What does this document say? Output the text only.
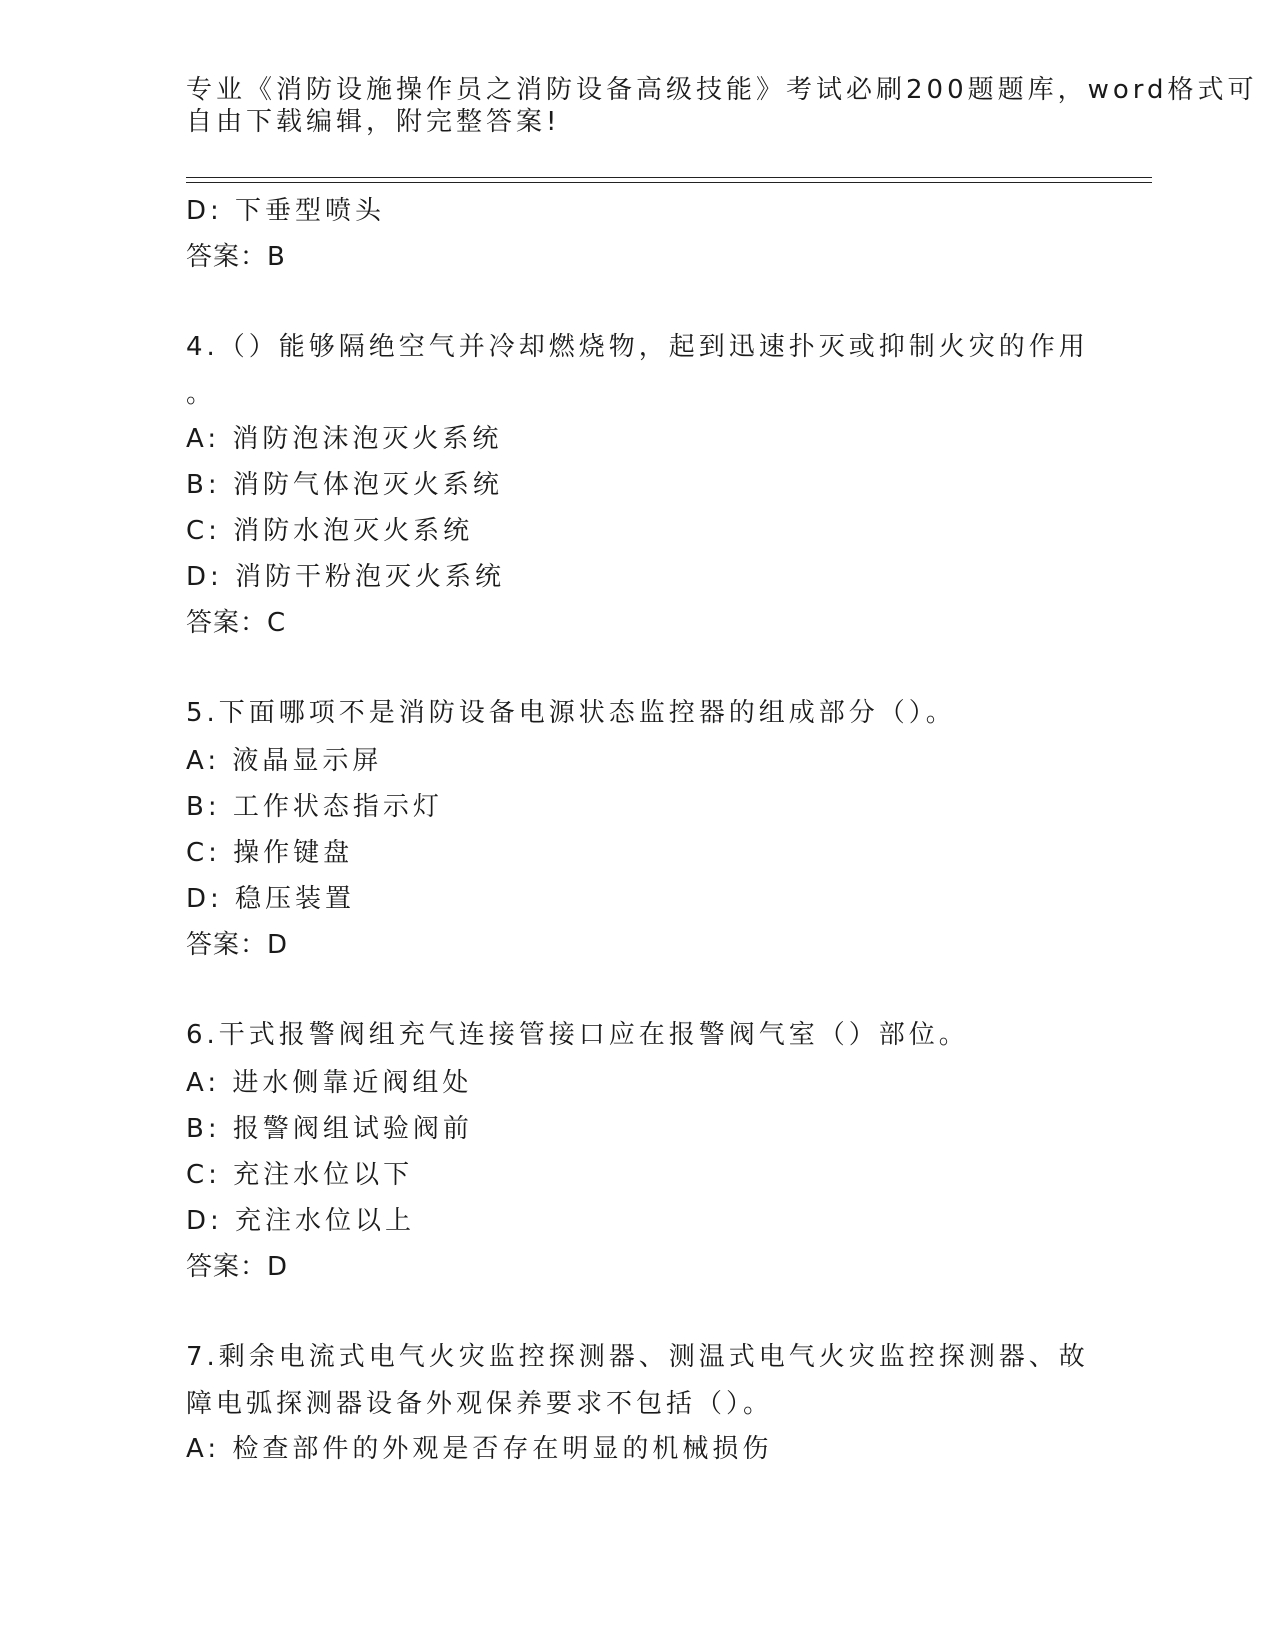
专业《消防设施操作员之消防设备高级技能》考试必刷200题题库，word格式可
自由下载编辑，附完整答案!
D: 下垂型喷头
答案：B
4.（）能够隔绝空气并冷却燃烧物，起到迅速扑灭或抑制火灾的作用
。
A: 消防泡沫泡灭火系统
B: 消防气体泡灭火系统
C: 消防水泡灭火系统
D: 消防干粉泡灭火系统
答案：C
5.下面哪项不是消防设备电源状态监控器的组成部分（）。
A: 液晶显示屏
B: 工作状态指示灯
C: 操作键盘
D: 稳压装置
答案：D
6.干式报警阀组充气连接管接口应在报警阀气室（）部位。
A: 进水侧靠近阀组处
B: 报警阀组试验阀前
C: 充注水位以下
D: 充注水位以上
答案：D
7.剩余电流式电气火灾监控探测器、测温式电气火灾监控探测器、故
障电弧探测器设备外观保养要求不包括（）。
A: 检查部件的外观是否存在明显的机械损伤
